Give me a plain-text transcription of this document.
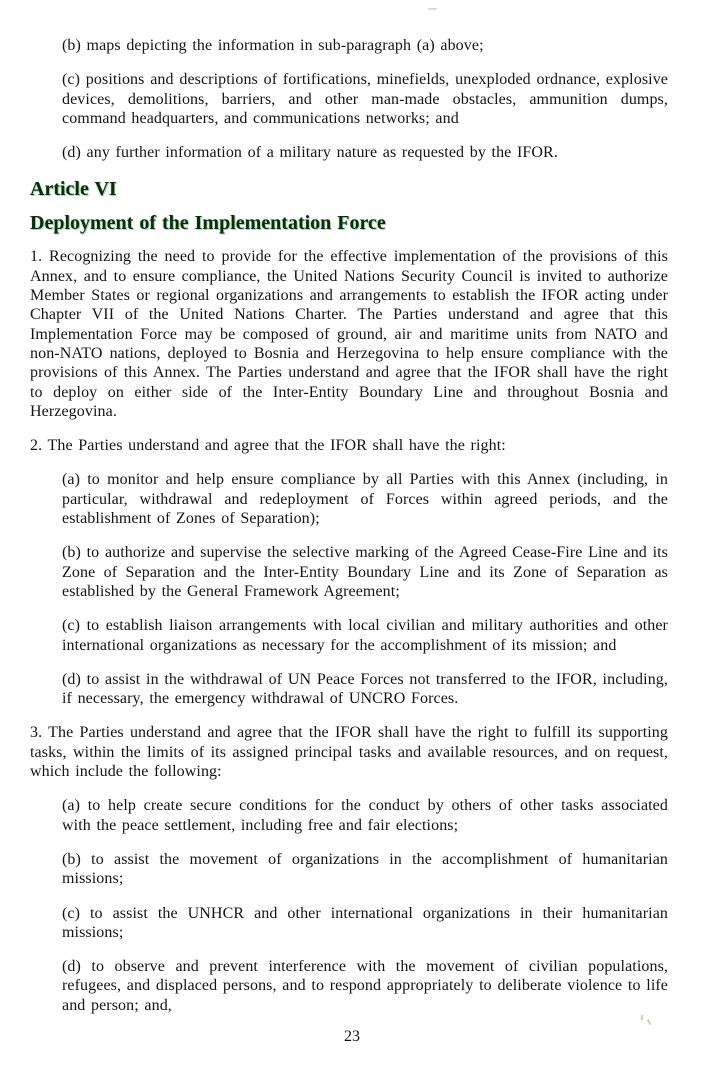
(b) maps depicting the information in sub-paragraph (a) above;
(c) positions and descriptions of fortifications, minefields, unexploded ordnance, explosive devices, demolitions, barriers, and other man-made obstacles, ammunition dumps, command headquarters, and communications networks; and
(d) any further information of a military nature as requested by the IFOR.
Article VI
Deployment of the Implementation Force
1. Recognizing the need to provide for the effective implementation of the provisions of this Annex, and to ensure compliance, the United Nations Security Council is invited to authorize Member States or regional organizations and arrangements to establish the IFOR acting under Chapter VII of the United Nations Charter. The Parties understand and agree that this Implementation Force may be composed of ground, air and maritime units from NATO and non-NATO nations, deployed to Bosnia and Herzegovina to help ensure compliance with the provisions of this Annex. The Parties understand and agree that the IFOR shall have the right to deploy on either side of the Inter-Entity Boundary Line and throughout Bosnia and Herzegovina.
2. The Parties understand and agree that the IFOR shall have the right:
(a) to monitor and help ensure compliance by all Parties with this Annex (including, in particular, withdrawal and redeployment of Forces within agreed periods, and the establishment of Zones of Separation);
(b) to authorize and supervise the selective marking of the Agreed Cease-Fire Line and its Zone of Separation and the Inter-Entity Boundary Line and its Zone of Separation as established by the General Framework Agreement;
(c) to establish liaison arrangements with local civilian and military authorities and other international organizations as necessary for the accomplishment of its mission; and
(d) to assist in the withdrawal of UN Peace Forces not transferred to the IFOR, including, if necessary, the emergency withdrawal of UNCRO Forces.
3. The Parties understand and agree that the IFOR shall have the right to fulfill its supporting tasks, within the limits of its assigned principal tasks and available resources, and on request, which include the following:
(a) to help create secure conditions for the conduct by others of other tasks associated with the peace settlement, including free and fair elections;
(b) to assist the movement of organizations in the accomplishment of humanitarian missions;
(c) to assist the UNHCR and other international organizations in their humanitarian missions;
(d) to observe and prevent interference with the movement of civilian populations, refugees, and displaced persons, and to respond appropriately to deliberate violence to life and person; and,
23
